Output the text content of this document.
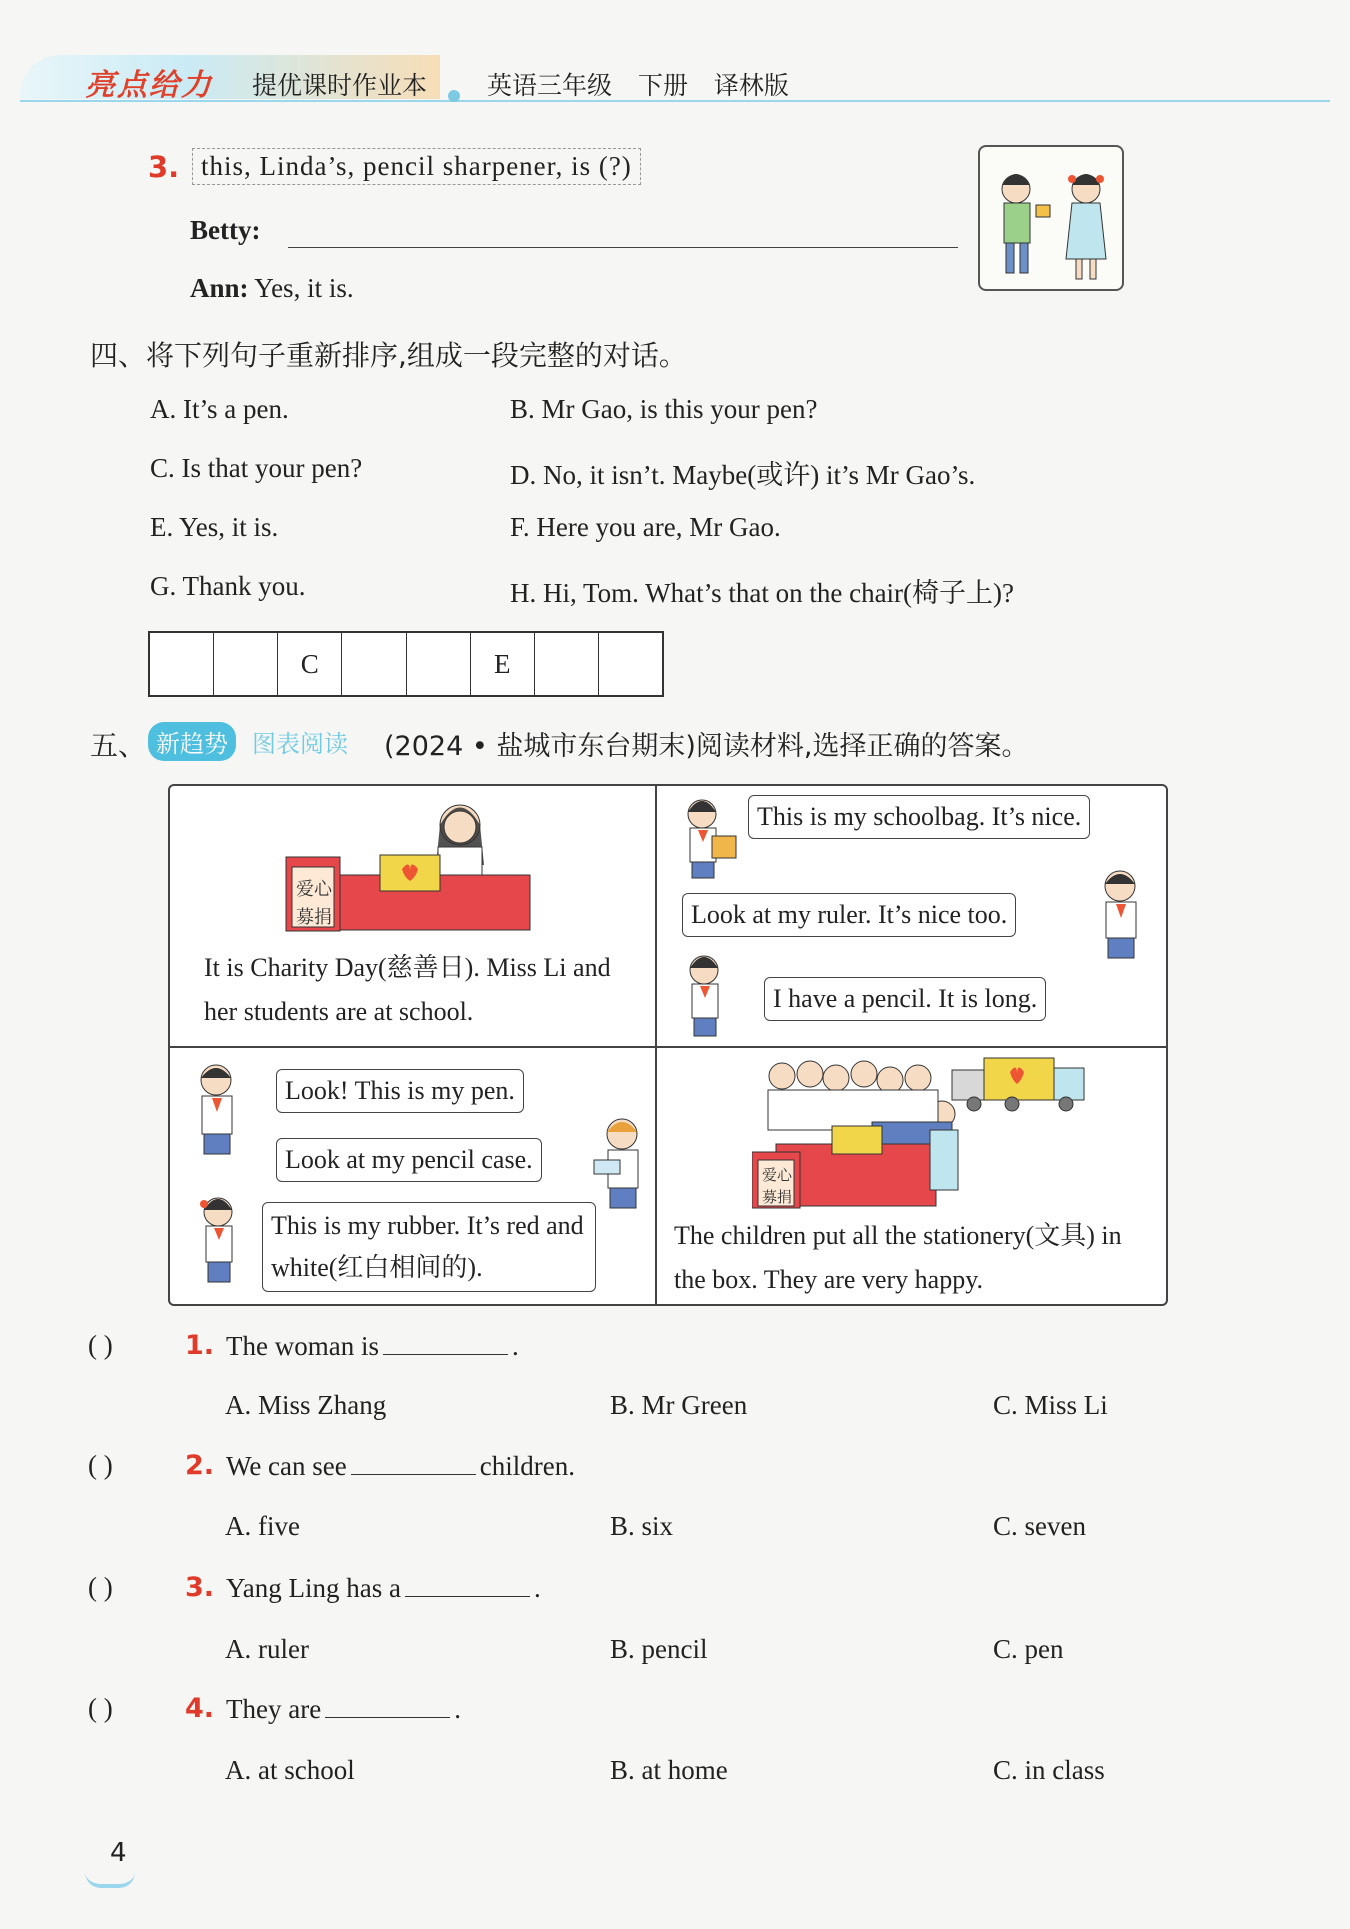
亮点给力 提优课时作业本 英语三年级 下册 译林版
3. this, Linda’s, pencil sharpener, is (?)
Betty:
Ann: Yes, it is.
四、将下列句子重新排序,组成一段完整的对话。
A. It’s a pen.	B. Mr Gao, is this your pen?
C. Is that your pen?	D. No, it isn’t. Maybe(或许) it’s Mr Gao’s.
E. Yes, it is.	F. Here you are, Mr Gao.
G. Thank you.	H. Hi, Tom. What’s that on the chair(椅子上)?
C	E
五、 新趋势	图表阅读 (2024 • 盐城市东台期末)阅读材料,选择正确的答案。
爱心
募捐
It is Charity Day(慈善日). Miss Li and her students are at school.
This is my schoolbag. It’s nice.
Look at my ruler. It’s nice too.
I have a pencil. It is long.
Look! This is my pen.
Look at my pencil case.
This is my rubber. It’s red and white(红白相间的).
爱心
募捐
The children put all the stationery(文具) in the box. They are very happy.
( )	1. The woman is	.
A. Miss Zhang	B. Mr Green	C. Miss Li
( )	2. We can see	children.
A. five	B. six	C. seven
( )	3. Yang Ling has a	.
A. ruler	B. pencil	C. pen
( )	4. They are	.
A. at school	B. at home	C. in class
4
